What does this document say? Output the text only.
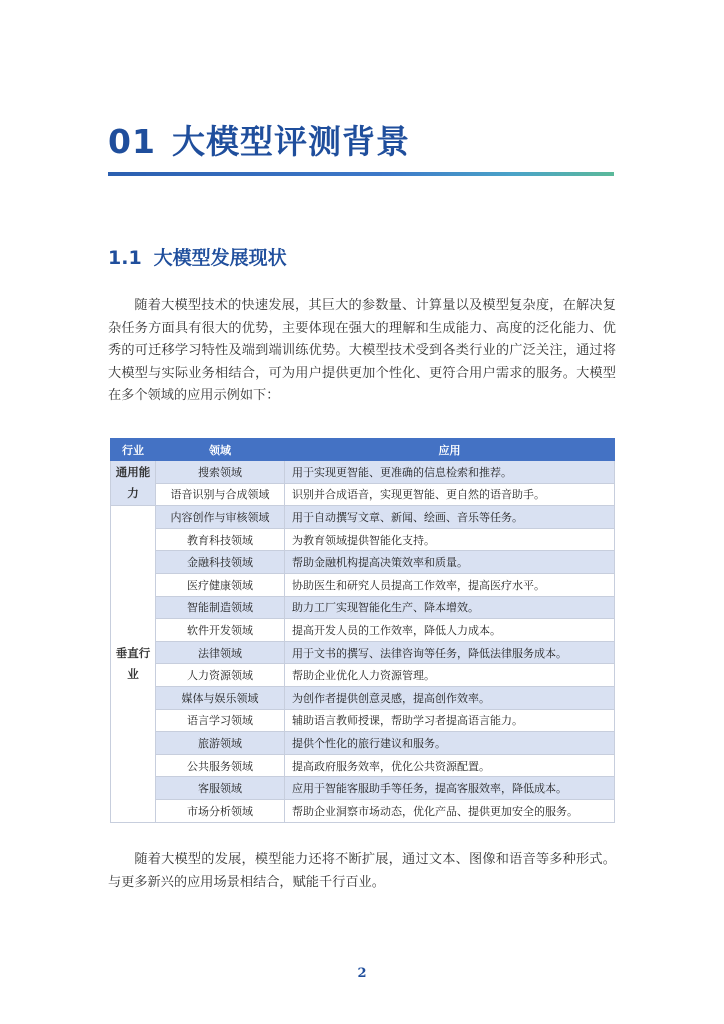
01 大模型评测背景
1.1 大模型发展现状

随着大模型技术的快速发展，其巨大的参数量、计算量以及模型复杂度，在解决复杂任务方面具有很大的优势，主要体现在强大的理解和生成能力、高度的泛化能力、优秀的可迁移学习特性及端到端训练优势。大模型技术受到各类行业的广泛关注，通过将大模型与实际业务相结合，可为用户提供更加个性化、更符合用户需求的服务。大模型在多个领域的应用示例如下：

行业	领域	应用
通用能力	搜索领域	用于实现更智能、更准确的信息检索和推荐。
	语音识别与合成领域	识别并合成语音，实现更智能、更自然的语音助手。
垂直行业	内容创作与审核领域	用于自动撰写文章、新闻、绘画、音乐等任务。
	教育科技领域	为教育领域提供智能化支持。
	金融科技领域	帮助金融机构提高决策效率和质量。
	医疗健康领域	协助医生和研究人员提高工作效率，提高医疗水平。
	智能制造领域	助力工厂实现智能化生产、降本增效。
	软件开发领域	提高开发人员的工作效率，降低人力成本。
	法律领域	用于文书的撰写、法律咨询等任务，降低法律服务成本。
	人力资源领域	帮助企业优化人力资源管理。
	媒体与娱乐领域	为创作者提供创意灵感，提高创作效率。
	语言学习领域	辅助语言教师授课，帮助学习者提高语言能力。
	旅游领域	提供个性化的旅行建议和服务。
	公共服务领域	提高政府服务效率，优化公共资源配置。
	客服领域	应用于智能客服助手等任务，提高客服效率，降低成本。
	市场分析领域	帮助企业洞察市场动态，优化产品、提供更加安全的服务。

随着大模型的发展，模型能力还将不断扩展，通过文本、图像和语音等多种形式。与更多新兴的应用场景相结合，赋能千行百业。

2
